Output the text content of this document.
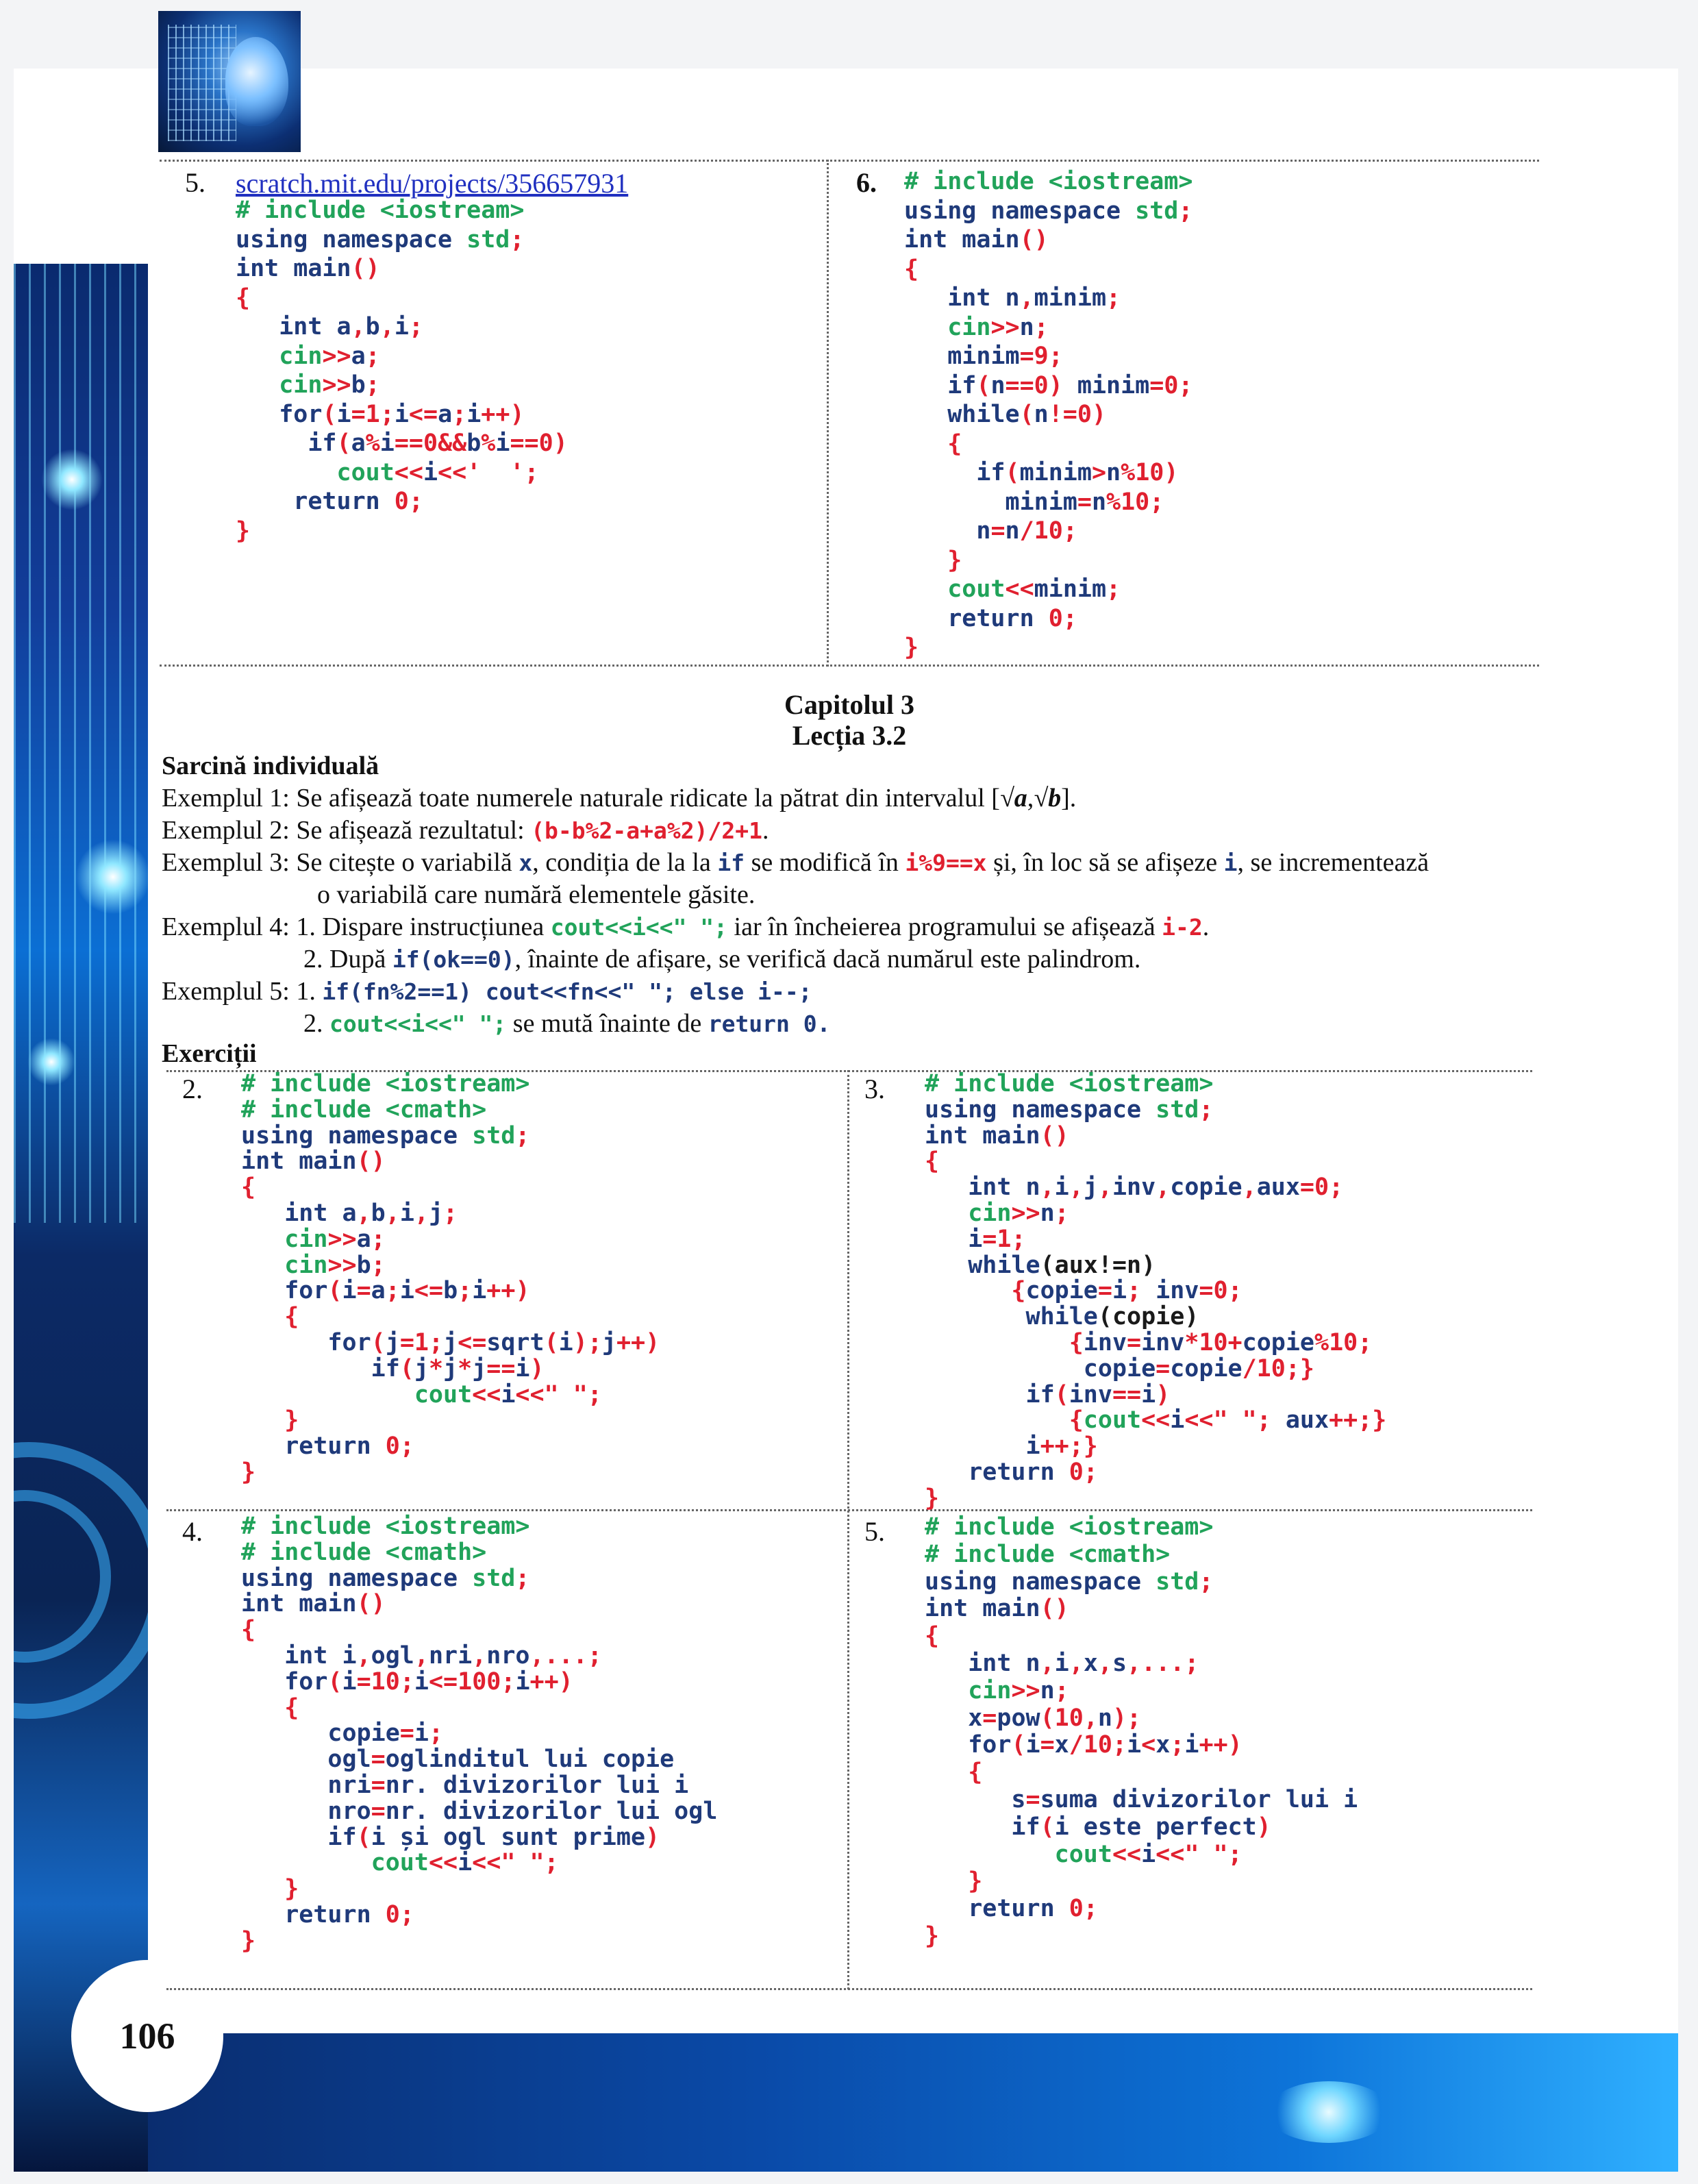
106
5. scratch.mit.edu/projects/356657931
# include <iostream>
using namespace std;
int main()
{
int a,b,i;
cin>>a;
cin>>b;
for(i=1;i<=a;i++)
if(a%i==0&&b%i==0)
cout<<i<<'  ';
return 0;
}
6. # include <iostream>
using namespace std;
int main()
{
int n,minim;
cin>>n;
minim=9;
if(n==0) minim=0;
while(n!=0)
{
if(minim>n%10)
minim=n%10;
n=n/10;
}
cout<<minim;
return 0;
}
Capitolul 3
Lecția 3.2
Sarcină individuală
Exemplul 1: Se afișează toate numerele naturale ridicate la pătrat din intervalul [√a,√b].
Exemplul 2: Se afișează rezultatul: (b-b%2-a+a%2)/2+1.
Exemplul 3: Se citește o variabilă x, condiția de la la if se modifică în i%9==x și, în loc să se afișeze i, se incrementează
o variabilă care numără elementele găsite.
Exemplul 4: 1. Dispare instrucțiunea cout<<i<<" "; iar în încheierea programului se afișează i-2.
2. După if(ok==0), înainte de afișare, se verifică dacă numărul este palindrom.
Exemplul 5: 1. if(fn%2==1) cout<<fn<<" "; else i--;
2. cout<<i<<" "; se mută înainte de return 0.
Exerciții
2. # include <iostream>
# include <cmath>
using namespace std;
int main()
{
int a,b,i,j;
cin>>a;
cin>>b;
for(i=a;i<=b;i++)
{
for(j=1;j<=sqrt(i);j++)
if(j*j*j==i)
cout<<i<<" ";
}
return 0;
}
3. # include <iostream>
using namespace std;
int main()
{
int n,i,j,inv,copie,aux=0;
cin>>n;
i=1;
while(aux!=n)
{copie=i; inv=0;
while(copie)
{inv=inv*10+copie%10;
copie=copie/10;}
if(inv==i)
{cout<<i<<" "; aux++;}
i++;}
return 0;
}
4. # include <iostream>
# include <cmath>
using namespace std;
int main()
{
int i,ogl,nri,nro,...;
for(i=10;i<=100;i++)
{
copie=i;
ogl=oglinditul lui copie
nri=nr. divizorilor lui i
nro=nr. divizorilor lui ogl
if(i și ogl sunt prime)
cout<<i<<" ";
}
return 0;
}
5. # include <iostream>
# include <cmath>
using namespace std;
int main()
{
int n,i,x,s,...;
cin>>n;
x=pow(10,n);
for(i=x/10;i<x;i++)
{
s=suma divizorilor lui i
if(i este perfect)
cout<<i<<" ";
}
return 0;
}
